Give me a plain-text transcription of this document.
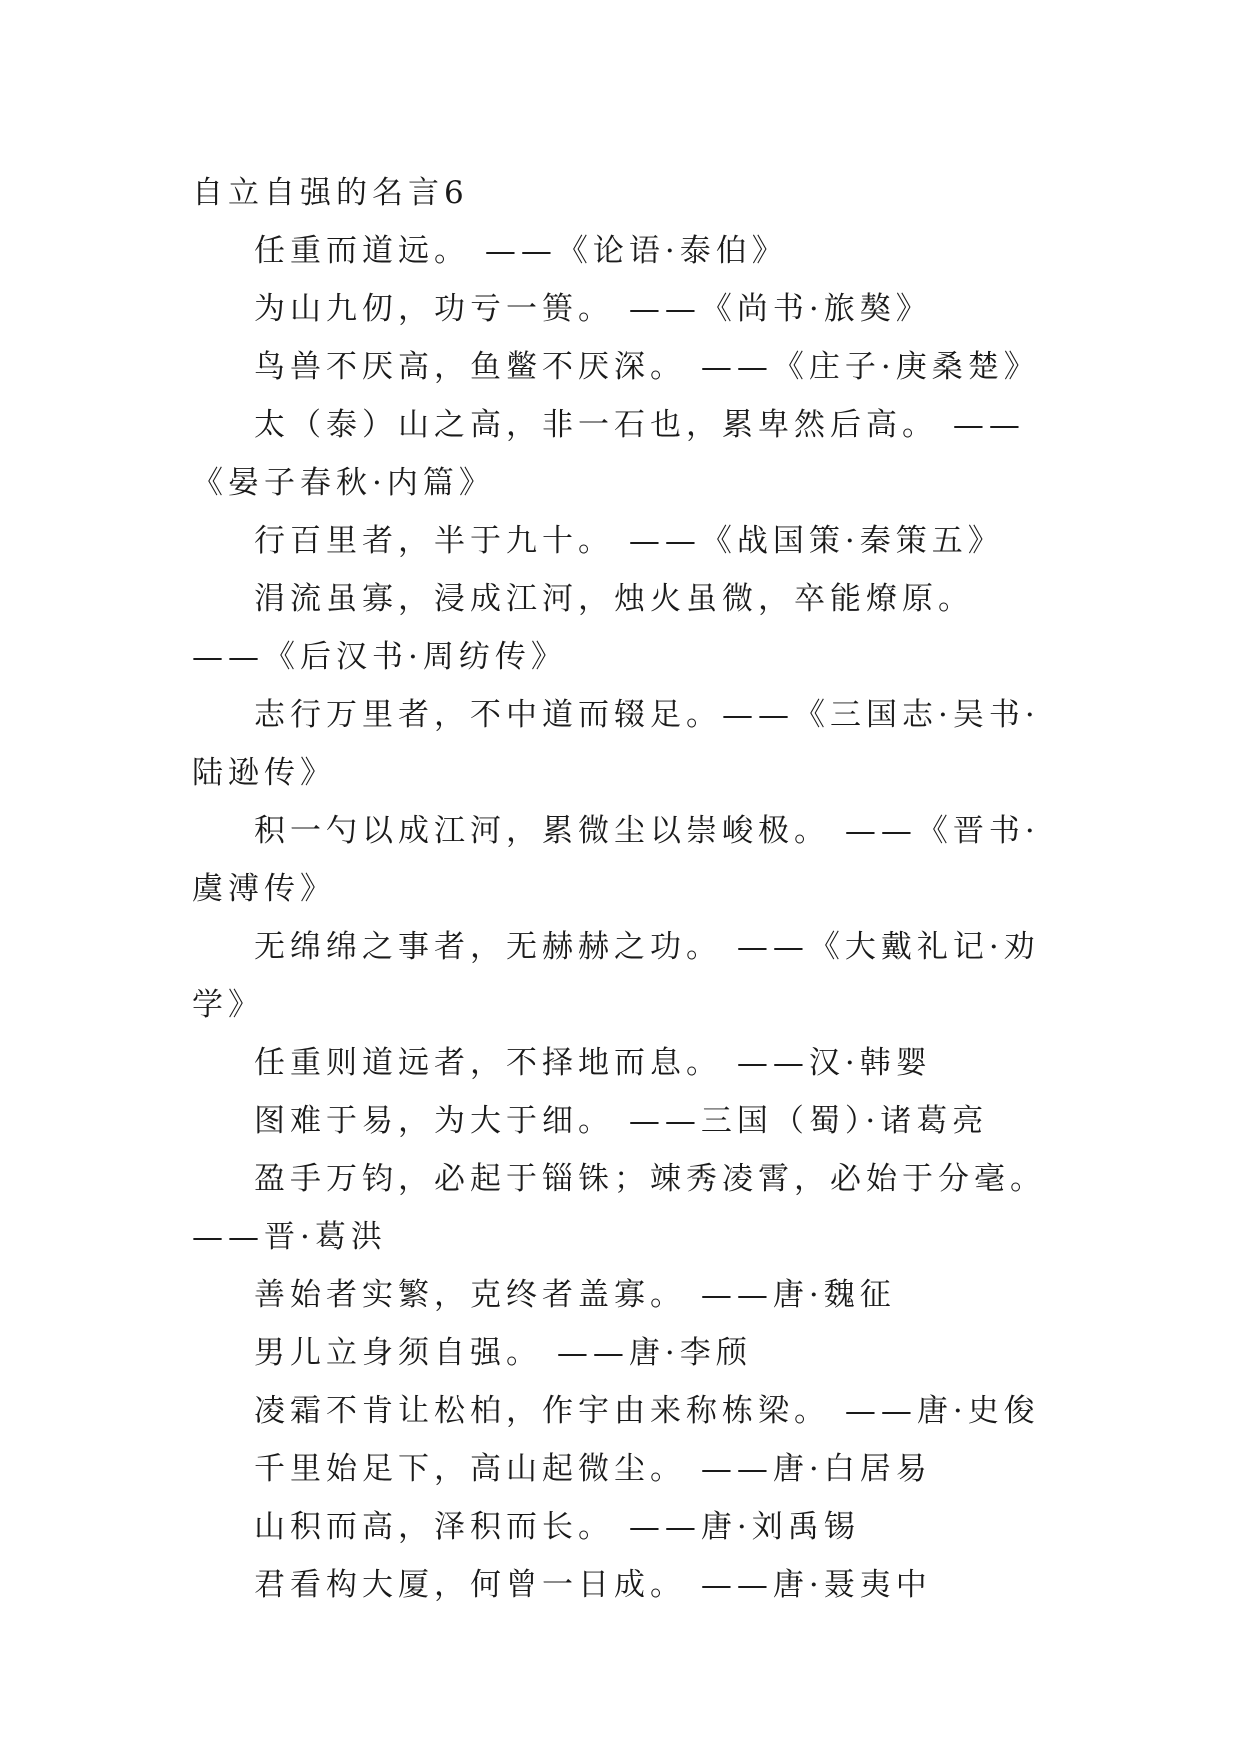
自立自强的名言6

任重而道远。 ——《论语·泰伯》

为山九仞，功亏一篑。 ——《尚书·旅獒》

鸟兽不厌高，鱼鳖不厌深。 ——《庄子·庚桑楚》

太（泰）山之高，非一石也，累卑然后高。 ——《晏子春秋·内篇》

行百里者，半于九十。 ——《战国策·秦策五》

涓流虽寡，浸成江河，烛火虽微，卒能燎原。 ——《后汉书·周纺传》

志行万里者，不中道而辍足。——《三国志·吴书·陆逊传》

积一勺以成江河，累微尘以崇峻极。 ——《晋书·虞溥传》

无绵绵之事者，无赫赫之功。 ——《大戴礼记·劝学》

任重则道远者，不择地而息。 ——汉·韩婴

图难于易，为大于细。 ——三国（蜀）·诸葛亮

盈手万钧，必起于锱铢；竦秀凌霄，必始于分毫。 ——晋·葛洪

善始者实繁，克终者盖寡。 ——唐·魏征

男儿立身须自强。 ——唐·李颀

凌霜不肯让松柏，作宇由来称栋梁。 ——唐·史俊

千里始足下，高山起微尘。 ——唐·白居易

山积而高，泽积而长。 ——唐·刘禹锡

君看构大厦，何曾一日成。 ——唐·聂夷中
